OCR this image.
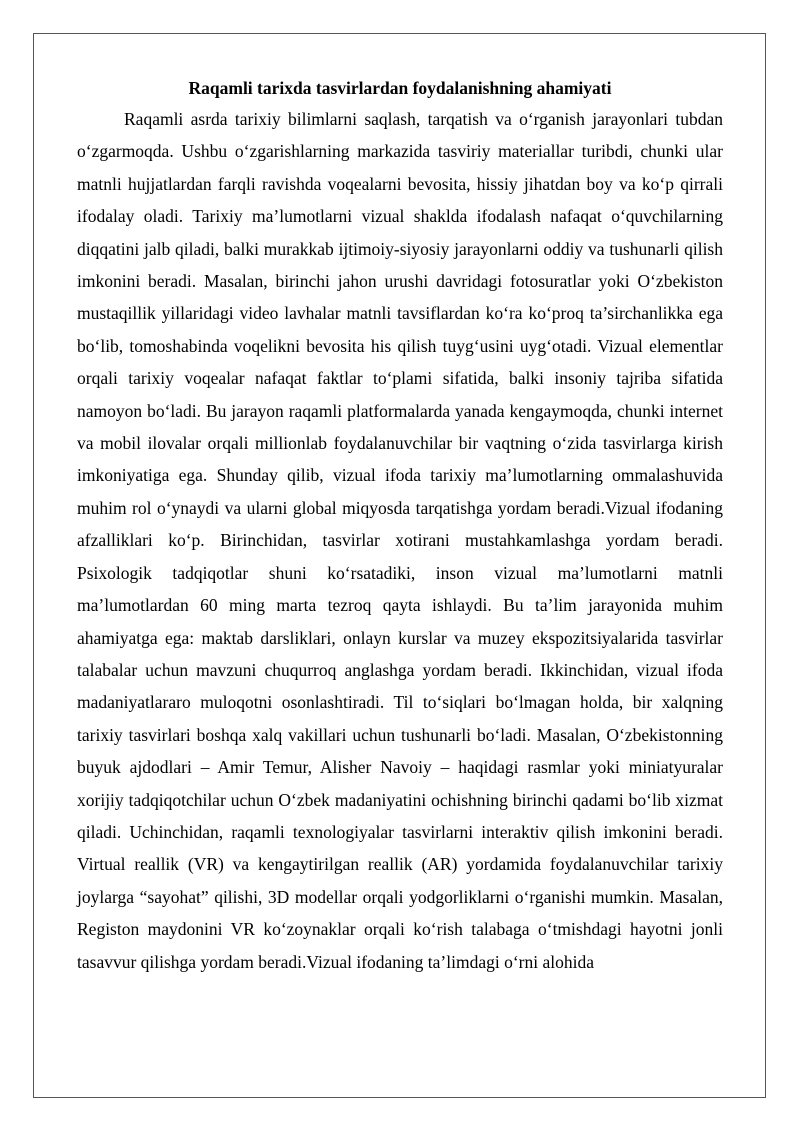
Raqamli tarixda tasvirlardan foydalanishning ahamiyati

Raqamli asrda tarixiy bilimlarni saqlash, tarqatish va o‘rganish jarayonlari tubdan o‘zgarmoqda. Ushbu o‘zgarishlarning markazida tasviriy materiallar turibdi, chunki ular matnli hujjatlardan farqli ravishda voqealarni bevosita, hissiy jihatdan boy va ko‘p qirrali ifodalay oladi. Tarixiy ma’lumotlarni vizual shaklda ifodalash nafaqat o‘quvchilarning diqqatini jalb qiladi, balki murakkab ijtimoiy-siyosiy jarayonlarni oddiy va tushunarli qilish imkonini beradi. Masalan, birinchi jahon urushi davridagi fotosuratlar yoki O‘zbekiston mustaqillik yillaridagi video lavhalar matnli tavsiflardan ko‘ra ko‘proq ta’sirchanlikka ega bo‘lib, tomoshabinda voqelikni bevosita his qilish tuyg‘usini uyg‘otadi. Vizual elementlar orqali tarixiy voqealar nafaqat faktlar to‘plami sifatida, balki insoniy tajriba sifatida namoyon bo‘ladi. Bu jarayon raqamli platformalarda yanada kengaymoqda, chunki internet va mobil ilovalar orqali millionlab foydalanuvchilar bir vaqtning o‘zida tasvirlarga kirish imkoniyatiga ega. Shunday qilib, vizual ifoda tarixiy ma’lumotlarning ommalashuvida muhim rol o‘ynaydi va ularni global miqyosda tarqatishga yordam beradi.Vizual ifodaning afzalliklari ko‘p. Birinchidan, tasvirlar xotirani mustahkamlashga yordam beradi. Psixologik tadqiqotlar shuni ko‘rsatadiki, inson vizual ma’lumotlarni matnli ma’lumotlardan 60 ming marta tezroq qayta ishlaydi. Bu ta’lim jarayonida muhim ahamiyatga ega: maktab darsliklari, onlayn kurslar va muzey ekspozitsiyalarida tasvirlar talabalar uchun mavzuni chuqurroq anglashga yordam beradi. Ikkinchidan, vizual ifoda madaniyatlararo muloqotni osonlashtiradi. Til to‘siqlari bo‘lmagan holda, bir xalqning tarixiy tasvirlari boshqa xalq vakillari uchun tushunarli bo‘ladi. Masalan, O‘zbekistonning buyuk ajdodlari – Amir Temur, Alisher Navoiy – haqidagi rasmlar yoki miniatyuralar xorijiy tadqiqotchilar uchun O‘zbek madaniyatini ochishning birinchi qadami bo‘lib xizmat qiladi. Uchinchidan, raqamli texnologiyalar tasvirlarni interaktiv qilish imkonini beradi. Virtual reallik (VR) va kengaytirilgan reallik (AR) yordamida foydalanuvchilar tarixiy joylarga “sayohat” qilishi, 3D modellar orqali yodgorliklarni o‘rganishi mumkin. Masalan, Registon maydonini VR ko‘zoynaklar orqali ko‘rish talabaga o‘tmishdagi hayotni jonli tasavvur qilishga yordam beradi.Vizual ifodaning ta’limdagi o‘rni alohida
